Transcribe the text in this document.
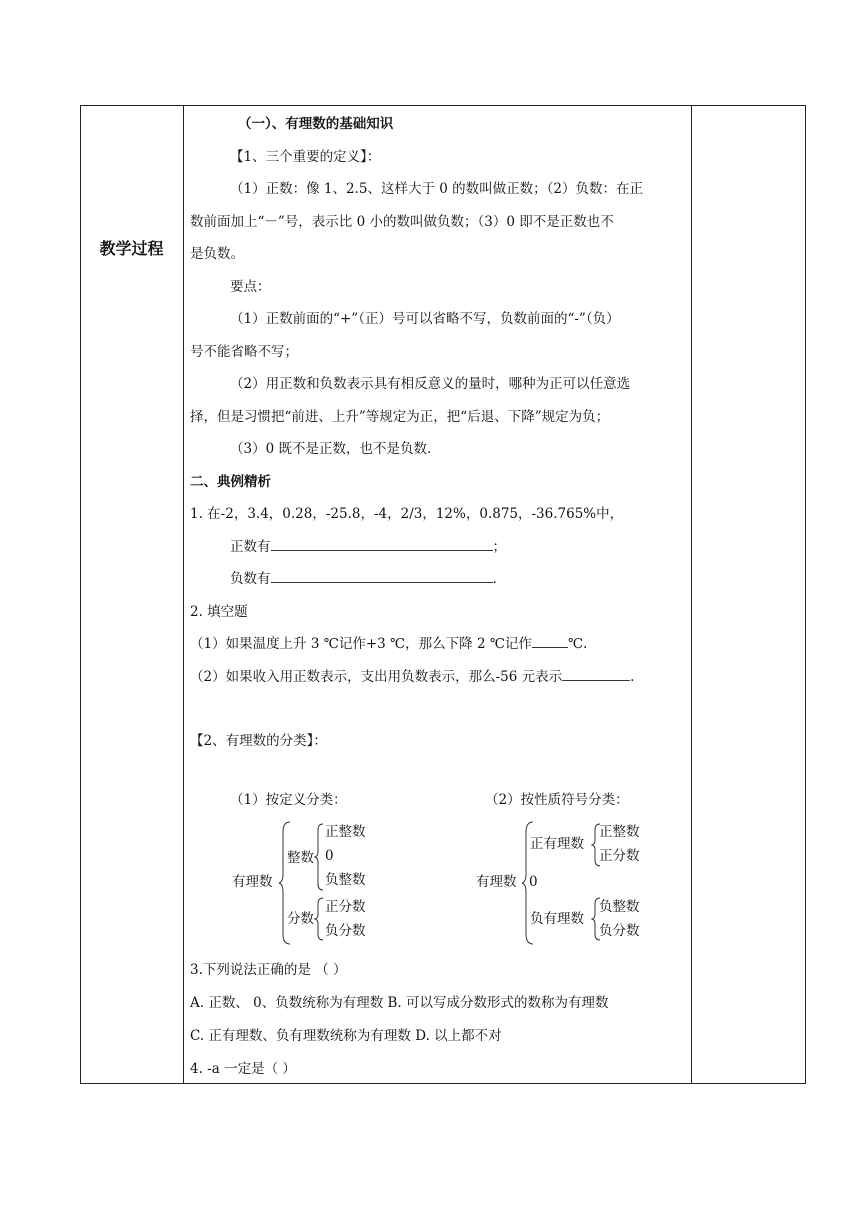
教学过程

（一）、有理数的基础知识

【1、三个重要的定义】：

（1）正数：像 1、2.5、这样大于 0 的数叫做正数；（2）负数：在正

数前面加上“－”号，表示比 0 小的数叫做负数；（3）0 即不是正数也不

是负数。

要点：

（1）正数前面的“+”（正）号可以省略不写，负数前面的“-”（负）

号不能省略不写；

（2）用正数和负数表示具有相反意义的量时，哪种为正可以任意选

择，但是习惯把“前进、上升”等规定为正，把“后退、下降”规定为负；

（3）0 既不是正数，也不是负数.

二、典例精析

1. 在-2，3.4，0.28，-25.8，-4，2/3，12%，0.875，-36.765%中，

正数有	；

负数有	.

2. 填空题

（1）如果温度上升 3 ℃记作+3 ℃，那么下降 2 ℃记作	℃.

（2）如果收入用正数表示，支出用负数表示，那么-56 元表示	.

【2、有理数的分类】：

（1）按定义分类：	（2）按性质符号分类：
有理数
整数
正整数
0
负整数
分数
正分数
负分数
有理数
正有理数
正整数
正分数
0
负有理数
负整数
负分数
3.下列说法正确的是 （ ）
A. 正数、 0、负数统称为有理数 B. 可以写成分数形式的数称为有理数
C. 正有理数、负有理数统称为有理数 D. 以上都不对
4. -a 一定是（ ）
